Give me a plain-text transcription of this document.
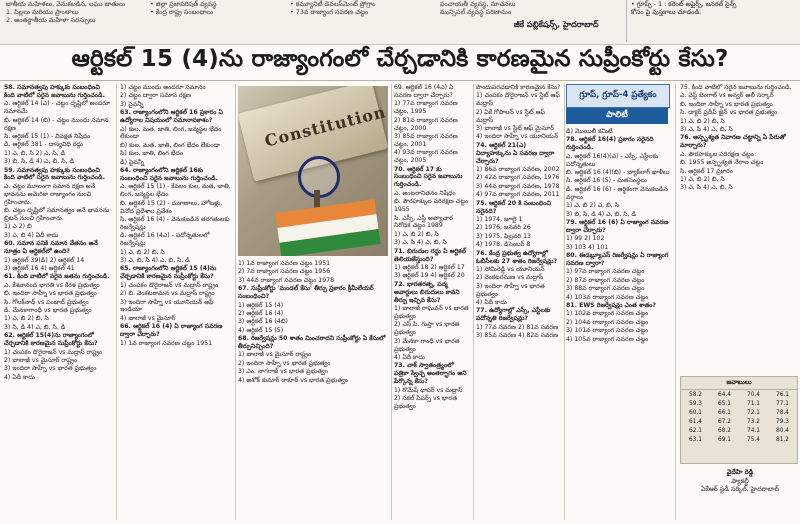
జాతీయ మహిళ‌లు, వెనుకబడిన, లఘు జాతులు
1. పిల్లలు మరియు ప్రాంతాలు
2. అంతర్జాతీయ మహిళా సదస్సులు
• జిల్లా ప్రజాపరిషత్ వ్యవస్థ
• కేంద్ర రాష్ట్ర సంబంధాలు
• కమ్యూనిటీ డెవలప్‌మెంట్ ప్రోగ్రాం
• 73వ రాజ్యాంగ సవరణ చట్టం
పంచాయతీ వ్యవస్థ, సూచనలు
మున్సిపల్ వ్యవస్థ పరిణామం
జీకే పబ్లికేషన్స్, హైదరాబాద్
• గ్రూప్స్ - 1 : కరెంట్ అఫైర్స్, జనరల్ సైన్స్
కోసం పై పుస్తకాలు చూడండి.
ఆర్టికల్ 15 (4)ను రాజ్యాంగంలో చేర్చడానికి కారణమైన సుప్రీంకోర్టు కేసు?

58. సమానత్వపు హక్కుకు సంబంధించి కింది వాటిలో సరైన జవాబును గుర్తించండి.

ఎ. ఆర్టికల్ 14 (ఎ) - చట్టం దృష్టిలో అందరూ సమానమే

బి. ఆర్టికల్ 14 (బి) - చట్టం ముందు సమాన రక్షణ

సి. ఆర్టికల్ 15 (1) - వివక్షత నిషేధం

డి. ఆర్టికల్ 381 - దాస్యవిధి రద్దు

1) ఎ, బి, సి 2) ఎ, సి, డి

3) బి, సి, డి 4) ఎ, బి, సి, డి

59. సమానత్వపు హక్కుకు సంబంధించి కింది వాటిలో సరైన జవాబును గుర్తించండి.

ఎ. చట్టం మూలంగా సమాన రక్షణ అనే భావనను అమెరికా రాజ్యాంగం నుంచి గ్రహించారు.

బి. చట్టం దృష్టిలో సమానత్వం అనే భావనను బ్రిటన్ నుంచి గ్రహించారు.

1) ఎ 2) బి

3) ఎ, బి 4) ఏదీ కాదు

60. సమాన పనికి సమాన వేతనం అనే సూత్రం ఏ ఆర్టికల్‌లో ఉంది?

1) ఆర్టికల్ 39(డి) 2) ఆర్టికల్ 14

3) ఆర్టికల్ 16 4) ఆర్టికల్ 41

61. కింది వాటిలో సరైన జతను గుర్తించండి.

ఎ. కేశవానంద భారతి vs కేరళ ప్రభుత్వం

బి. ఇందిరా సాహ్నీ vs భారత ప్రభుత్వం

సి. గోలక్‌నాథ్ vs పంజాబ్ ప్రభుత్వం

డి. మేనకాగాంధీ vs భారత ప్రభుత్వం

1) ఎ, బి 2) బి, సి

3) సి, డి 4) ఎ, బి, సి, డి

62. ఆర్టికల్ 15(4)ను రాజ్యాంగంలో చేర్చడానికి కారణమైన సుప్రీంకోర్టు కేసు?

1) చంపకం దొరైరాజన్ vs మద్రాస్ రాష్ట్రం

2) బాలాజీ vs మైసూర్ రాష్ట్రం

3) ఇందిరా సాహ్నీ vs భారత ప్రభుత్వం

4) ఏదీ కాదు

1) చట్టం ముందు అందరూ సమానం

2) చట్టం ద్వారా సమాన రక్షణ

3) పైవన్నీ

63. రాజ్యాంగంలోని ఆర్టికల్ 16 ప్రకారం ఏ ఉద్యోగాల విషయంలో సమానావకాశం?

ఎ) కుల, మత, జాతి, లింగ, జన్మస్థల భేదం లేకుండా

బి) కుల, మత, జాతి, లింగ భేదం లేకుండా

సి) కుల, జాతి, లింగ భేదం

డి) పైవన్నీ

64. రాజ్యాంగంలోని ఆర్టికల్ 16కు సంబంధించి సరైన జవాబును గుర్తించండి.

ఎ. ఆర్టికల్ 15 (1) - కేవలం కుల, మత, జాతి, లింగ, జన్మస్థల భేదం

బి. ఆర్టికల్ 15 (2) - దుకాణాలు, హోటళ్లు, వినోద ప్రదేశాల ప్రవేశం

సి. ఆర్టికల్ 16 (4) - వెనుకబడిన తరగతులకు రిజర్వేషన్లు

డి. ఆర్టికల్ 16 (4ఎ) - పదోన్నతులలో రిజర్వేషన్లు

1) ఎ, బి 2) బి, సి

3) ఎ, బి, సి 4) ఎ, బి, సి, డి

65. రాజ్యాంగంలోని ఆర్టికల్ 15 (4)ను చేర్చడానికి కారణమైన సుప్రీంకోర్టు కేసు?

1) చంపకం దొరైరాజన్ vs మద్రాస్ రాష్ట్రం

2) బి. వెంకటరామన vs మద్రాస్ రాష్ట్రం

3) ఇందిరా సాహ్నీ vs యూనియన్ ఆఫ్ ఇండియా

4) బాలాజీ vs మైసూర్

66. ఆర్టికల్ 16 (4) ఏ రాజ్యాంగ సవరణ ద్వారా చేర్చారు?

1) 1వ రాజ్యాంగ సవరణ చట్టం 1951

Constitution

1) 1వ రాజ్యాంగ సవరణ చట్టం 1951

2) 7వ రాజ్యాంగ సవరణ చట్టం 1956

3) 44వ రాజ్యాంగ సవరణ చట్టం 1978

67. సుప్రీంకోర్టు 'మండల్ కేసు' తీర్పు ప్రకారం క్రీమీలేయర్ సంబంధించి?

1) ఆర్టికల్ 15 (4)

2) ఆర్టికల్ 16 (4)

3) ఆర్టికల్ 16 (4బి)

4) ఆర్టికల్ 15 (5)

68. రిజర్వేషన్లు 50 శాతం మించరాదని సుప్రీంకోర్టు ఏ కేసులో తీర్పునిచ్చింది?

1) బాలాజీ vs మైసూర్ రాష్ట్రం

2) ఇందిరా సాహ్నీ vs భారత ప్రభుత్వం

3) ఎం. నాగరాజ్ vs భారత ప్రభుత్వం

4) అశోక్ కుమార్ ఠాకూర్ vs భారత ప్రభుత్వం

69. ఆర్టికల్ 16 (4ఎ) ఏ సవరణ ద్వారా చేర్చారు?

1) 77వ రాజ్యాంగ సవరణ చట్టం, 1995

2) 81వ రాజ్యాంగ సవరణ చట్టం, 2000

3) 85వ రాజ్యాంగ సవరణ చట్టం, 2001

4) 93వ రాజ్యాంగ సవరణ చట్టం, 2005

70. ఆర్టికల్ 17 కు సంబంధించి సరైన జవాబును గుర్తించండి.

ఎ. అంటరానితనం నిషేధం

బి. పౌరహక్కుల పరిరక్షణ చట్టం 1955

సి. ఎస్సీ, ఎస్టీ అత్యాచార నిరోధక చట్టం 1989

1) ఎ, బి 2) బి, సి

3) ఎ, సి 4) ఎ, బి, సి

71. బిరుదుల రద్దు ఏ ఆర్టికల్ తెలియజేస్తుంది?

1) ఆర్టికల్ 18 2) ఆర్టికల్ 17

3) ఆర్టికల్ 19 4) ఆర్టికల్ 20

72. భారతరత్న, పద్మ అవార్డులు బిరుదులు కావని తీర్పు ఇచ్చిన కేసు?

1) బాలాజీ రాఘవన్ vs భారత ప్రభుత్వం

2) ఎస్.పి. గుప్తా vs భారత ప్రభుత్వం

3) మేనకా గాంధీ vs భారత ప్రభుత్వం

4) ఏదీ కాదు

73. వాక్ స్వాతంత్ర్యంలో పత్రికా స్వేచ్ఛ అంతర్భాగం అని పేర్కొన్న కేసు?

1) రొమేష్ థాపర్ vs మద్రాస్

2) సకల్ పేపర్స్ vs భారత ప్రభుత్వం

పొందుపరచడానికి కారణమైన కేసు?

1) చంపకం దొరైరాజన్ vs స్టేట్ ఆఫ్ మద్రాస్

2) ఏకే గోపాలన్ vs స్టేట్ ఆఫ్ మద్రాస్

3) బాలాజీ vs స్టేట్ ఆఫ్ మైసూర్

4) ఇందిరా సాహ్నీ vs యూనియన్

74. ఆర్టికల్ 21(ఎ) విద్యాహక్కును ఏ సవరణ ద్వారా చేర్చారు?

1) 86వ రాజ్యాంగ సవరణ, 2002

2) 42వ రాజ్యాంగ సవరణ, 1976

3) 44వ రాజ్యాంగ సవరణ, 1978

4) 97వ రాజ్యాంగ సవరణ, 2011

75. ఆర్టికల్ 20 కి సంబంధించి సరైనది?

1) 1974, జూలై 1

2) 1976, జనవరి 26

3) 1975, ఫిబ్రవరి 13

4) 1978, డిసెంబర్ 8

76. కేంద్ర ప్రభుత్వ ఉద్యోగాల్లో ఓబీసీలకు 27 శాతం రిజర్వేషన్లు?

1) సోమిరెడ్డి vs యూనియన్

2) వెంకటరమణ vs మద్రాస్

3) ఇందిరా సాహ్నీ vs భారత ప్రభుత్వం

4) ఏదీ కాదు

77. ఉద్యోగాల్లో ఎస్సీ, ఎస్టీలకు పదోన్నతి రిజర్వేషన్లు?

1) 77వ సవరణ 2) 81వ సవరణ

3) 85వ సవరణ 4) 82వ సవరణ

గ్రూప్, గ్రూప్-4 ప్రత్యేకం
పాలిటీ

డి) మొయిలీ కమిటీ

78. ఆర్టికల్ 16(4) ప్రకారం సరైనది గుర్తించండి.

ఎ. ఆర్టికల్ 16(4)(ఎ) - ఎస్సీ, ఎస్టీలకు పదోన్నతులు

బి. ఆర్టికల్ 16 (4)(బి) - బ్యాక్‌లాగ్ ఖాళీలు

సి. ఆర్టికల్ 16 (5) - మతసంస్థలు

డి. ఆర్టికల్ 16 (6) - ఆర్థికంగా వెనుకబడిన వర్గాలు

1) ఎ, బి 2) ఎ, బి, సి

3) బి, సి, డి 4) ఎ, బి, సి, డి

79. ఆర్టికల్ 16 (6) ఏ రాజ్యాంగ సవరణ ద్వారా చేర్చారు?

1) 99 2) 102

3) 103 4) 101

80. ఈడబ్ల్యూఎస్ రిజర్వేషన్లు ఏ రాజ్యాంగ సవరణ ద్వారా?

1) 97వ రాజ్యాంగ సవరణ చట్టం

2) 87వ రాజ్యాంగ సవరణ చట్టం

3) 88వ రాజ్యాంగ సవరణ చట్టం

4) 103వ రాజ్యాంగ సవరణ చట్టం

81. EWS రిజర్వేషన్లు ఎంత శాతం?

1) 102వ రాజ్యాంగ సవరణ చట్టం

2) 104వ రాజ్యాంగ సవరణ చట్టం

3) 101వ రాజ్యాంగ సవరణ చట్టం

4) 105వ రాజ్యాంగ సవరణ చట్టం

75. కింది వాటిలో సరైన జవాబును గుర్తించండి.

ఎ. వెస్ట్ బెంగాల్ vs అన్వర్ అలీ సర్కార్

బి. ఇందిరా సాహ్నీ vs భారత ప్రభుత్వం

సి. డాక్టర్ ప్రదీప్ జైన్ vs భారత ప్రభుత్వం

1) ఎ, బి 2) బి, సి

3) ఎ, సి 4) ఎ, బి, సి

76. అస్పృశ్యత నివారణ చట్టాన్ని ఏ పేరుతో మార్చారు?

ఎ. పౌరహక్కుల పరిరక్షణ చట్టం

బి. 1955 అస్పృశ్యత నేరాల చట్టం

సి. ఆర్టికల్ 17 ప్రకారం

1) ఎ, బి 2) బి, సి

3) ఎ, సి 4) ఎ, బి, సి

జవాబులు
58.2	64.4	70.4	76.1
59.3	65.1	71.1	77.1
60.1	66.1	72.1	78.4
61.4	67.2	73.2	79.3
62.1	68.2	74.1	80.4
63.1	69.1	75.4	81.2
వైదేహి రెడ్డి
ఫ్యాకల్టీ
ఏకేఆర్ స్టడీ సర్కిల్, హైదరాబాద్
